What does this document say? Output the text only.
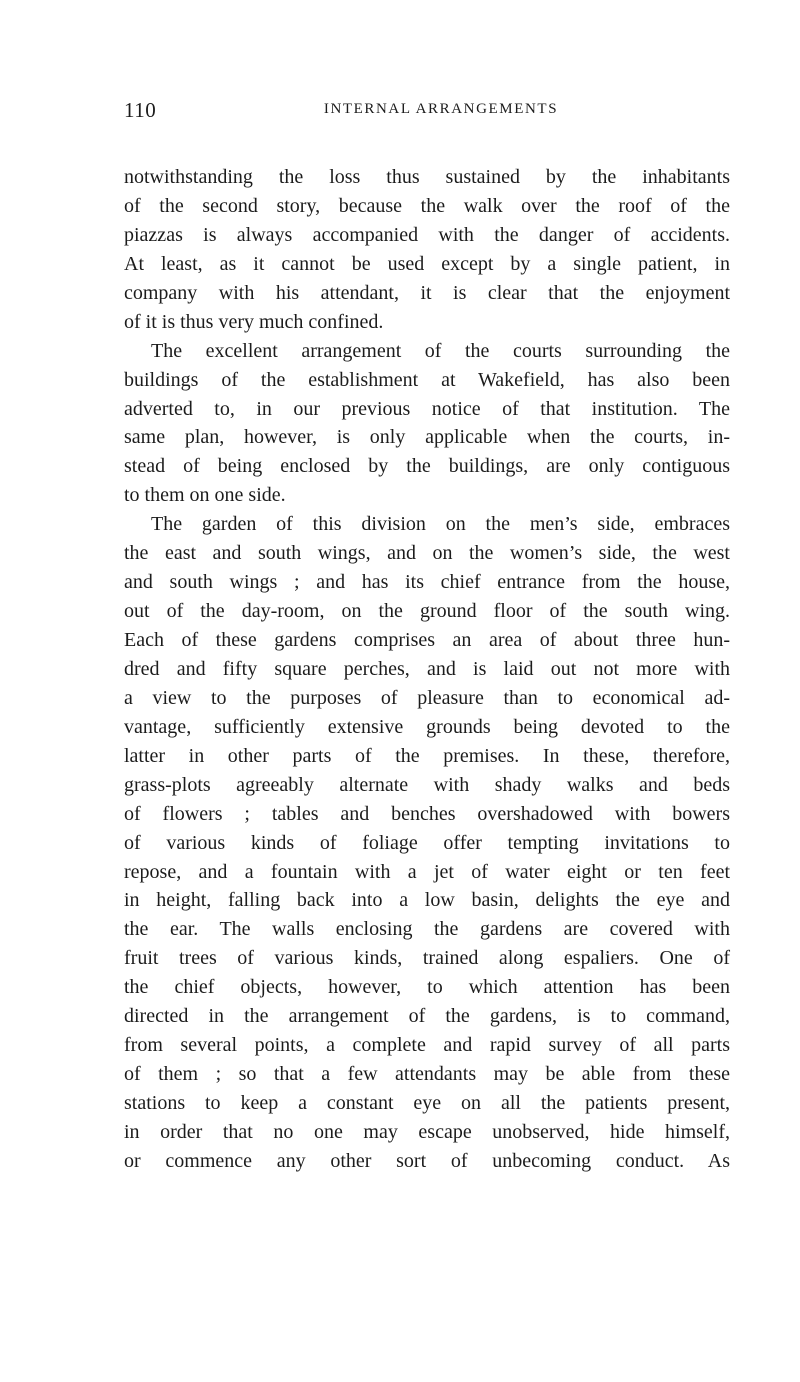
110	INTERNAL ARRANGEMENTS
notwithstanding the loss thus sustained by the inhabitants
of the second story, because the walk over the roof of the
piazzas is always accompanied with the danger of accidents.
At least, as it cannot be used except by a single patient, in
company with his attendant, it is clear that the enjoyment
of it is thus very much confined.
The excellent arrangement of the courts surrounding the
buildings of the establishment at Wakefield, has also been
adverted to, in our previous notice of that institution. The
same plan, however, is only applicable when the courts, in-
stead of being enclosed by the buildings, are only contiguous
to them on one side.
The garden of this division on the men’s side, embraces
the east and south wings, and on the women’s side, the west
and south wings ; and has its chief entrance from the house,
out of the day-room, on the ground floor of the south wing.
Each of these gardens comprises an area of about three hun-
dred and fifty square perches, and is laid out not more with
a view to the purposes of pleasure than to economical ad-
vantage, sufficiently extensive grounds being devoted to the
latter in other parts of the premises. In these, therefore,
grass-plots agreeably alternate with shady walks and beds
of flowers ; tables and benches overshadowed with bowers
of various kinds of foliage offer tempting invitations to
repose, and a fountain with a jet of water eight or ten feet
in height, falling back into a low basin, delights the eye and
the ear. The walls enclosing the gardens are covered with
fruit trees of various kinds, trained along espaliers. One of
the chief objects, however, to which attention has been
directed in the arrangement of the gardens, is to command,
from several points, a complete and rapid survey of all parts
of them ; so that a few attendants may be able from these
stations to keep a constant eye on all the patients present,
in order that no one may escape unobserved, hide himself,
or commence any other sort of unbecoming conduct. As
